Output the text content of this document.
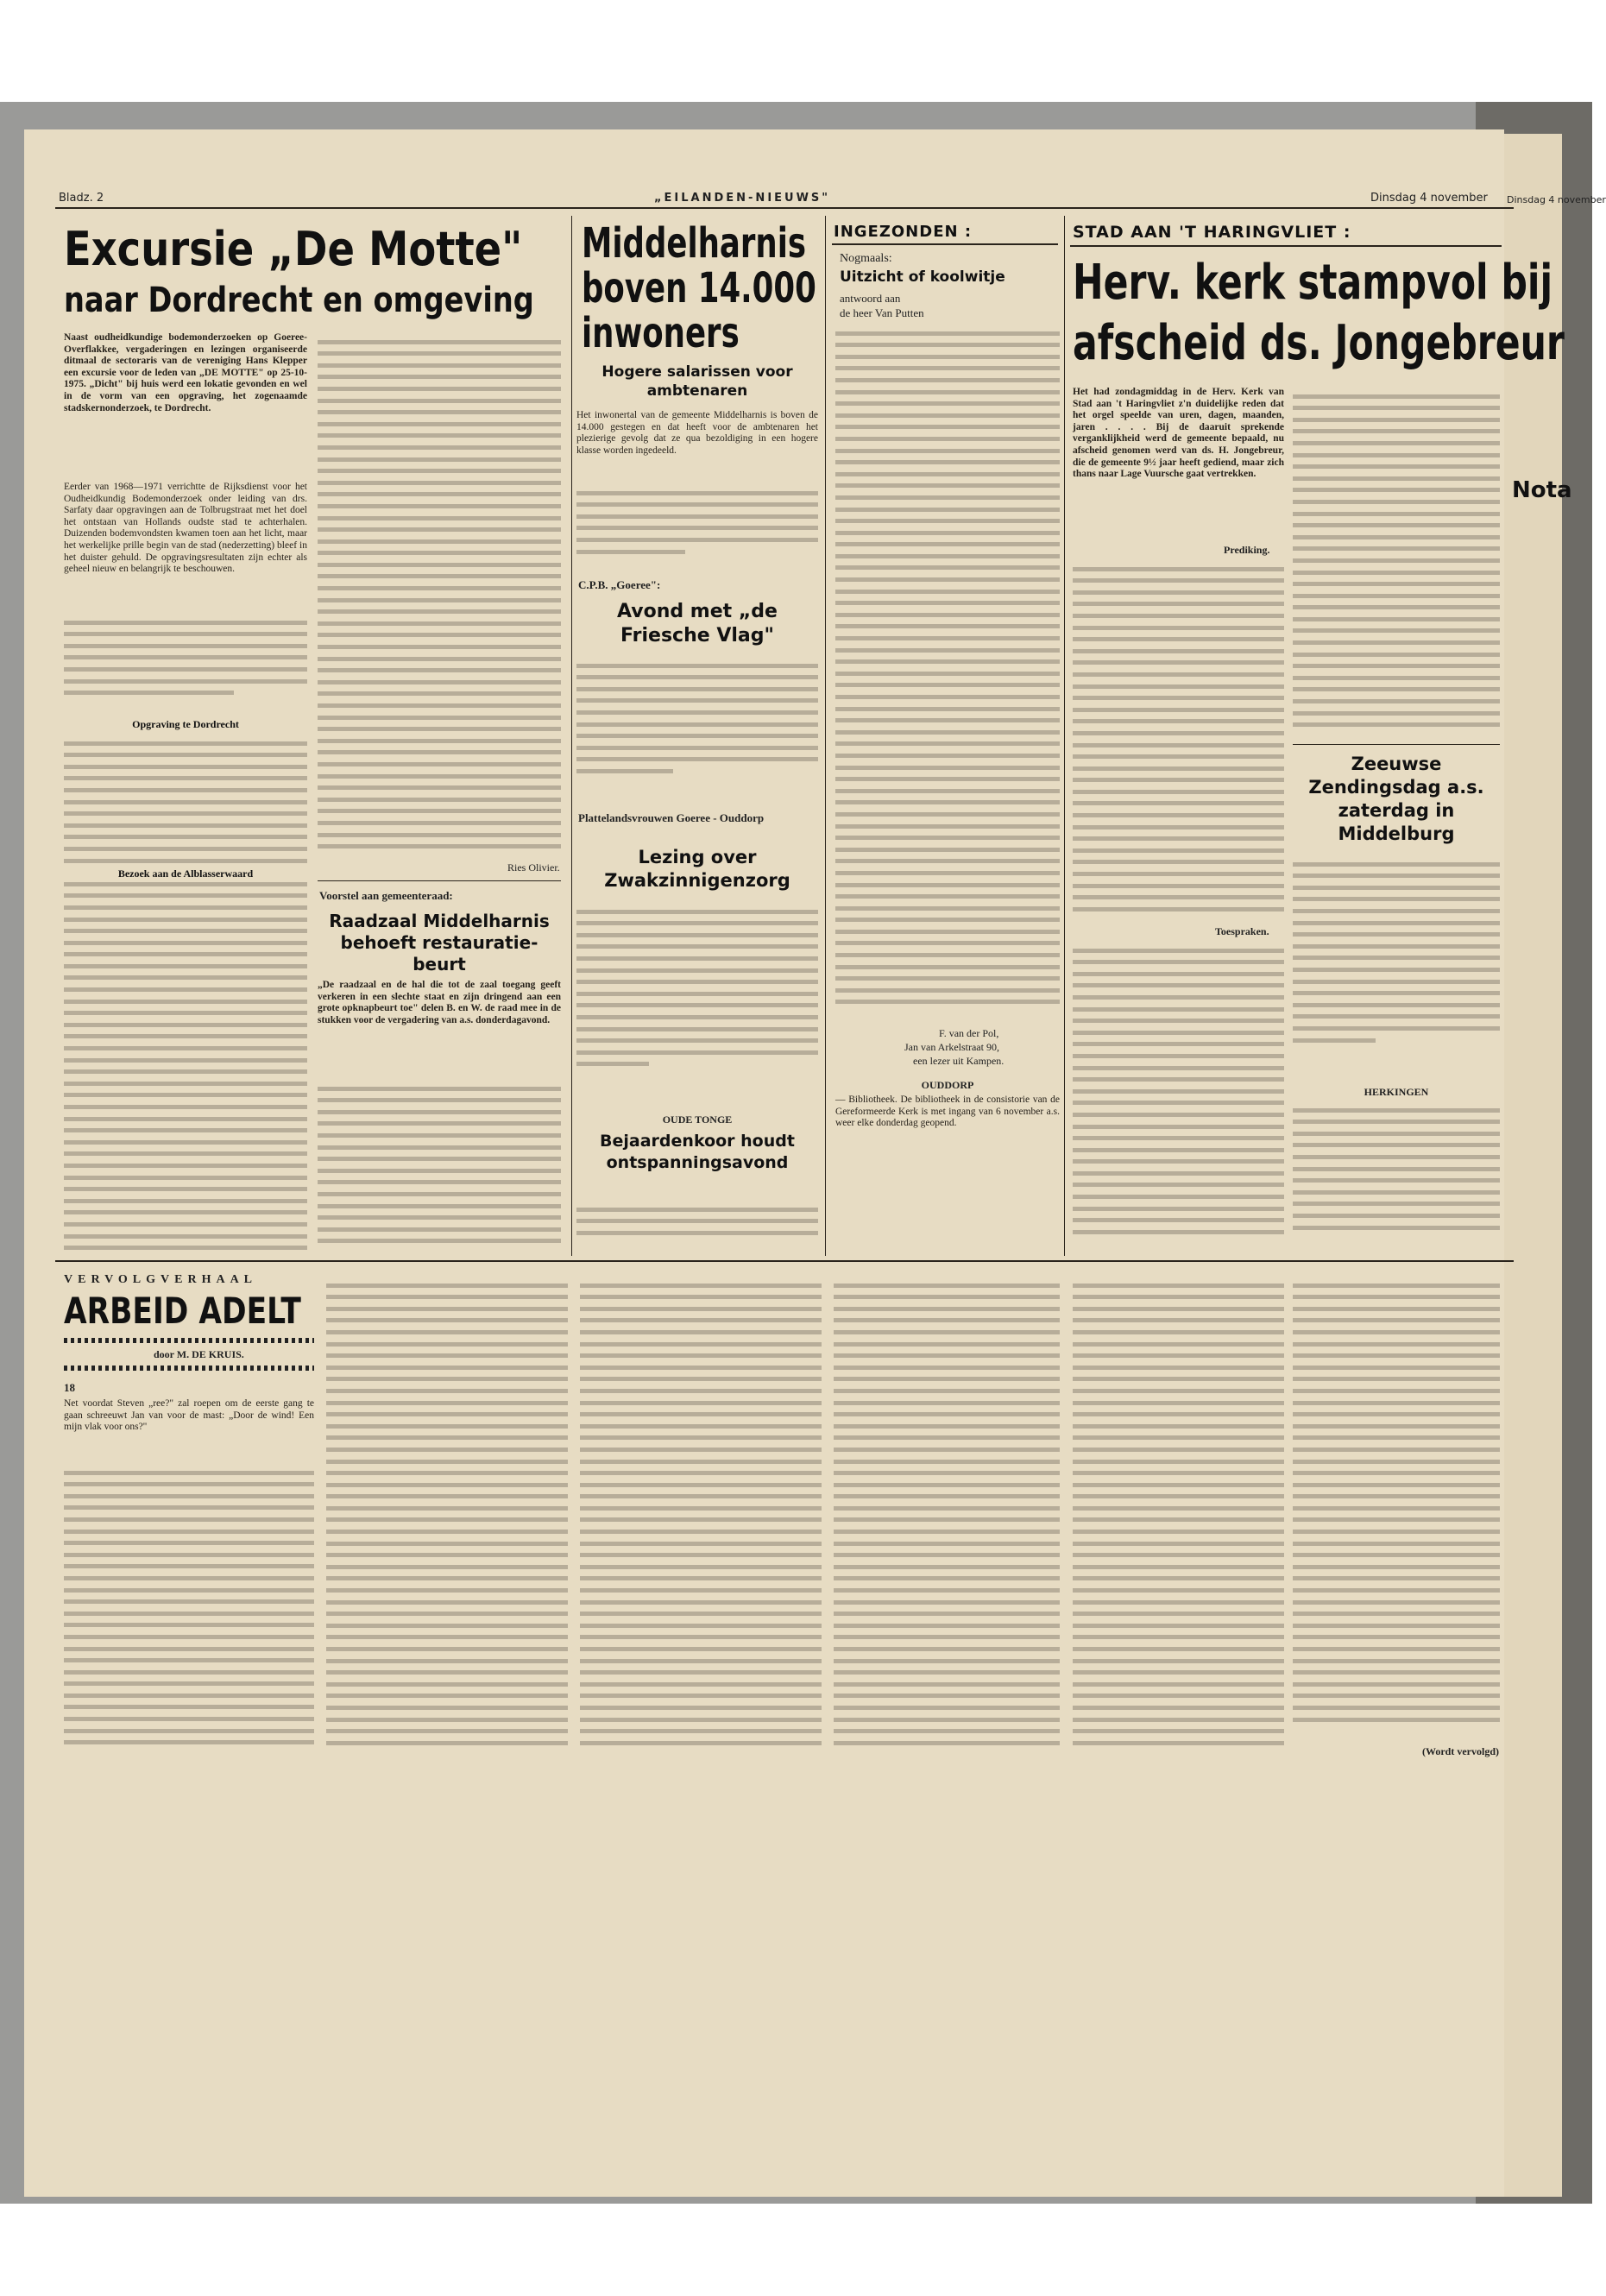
Dinsdag 4 november
Nota
Bladz. 2	„EILANDEN-NIEUWS"	Dinsdag 4 november
Excursie „De Motte"
naar Dordrecht en omgeving
Naast oudheidkundige bodemonderzoeken op Goeree-Overflakkee, vergaderingen en lezingen organiseerde ditmaal de sectoraris van de vereniging Hans Klepper een excursie voor de leden van „DE MOTTE" op 25-10-1975. „Dicht" bij huis werd een lokatie gevonden en wel in de vorm van een opgraving, het zogenaamde stadskernonderzoek, te Dordrecht.
Eerder van 1968—1971 verrichtte de Rijksdienst voor het Oudheidkundig Bodemonderzoek onder leiding van drs. Sarfaty daar opgravingen aan de Tolbrugstraat met het doel het ontstaan van Hollands oudste stad te achterhalen. Duizenden bodemvondsten kwamen toen aan het licht, maar het werkelijke prille begin van de stad (nederzetting) bleef in het duister gehuld. De opgravingsresultaten zijn echter als geheel nieuw en belangrijk te beschouwen.
Opgraving te Dordrecht
Bezoek aan de Alblasserwaard	Ries Olivier.
Voorstel aan gemeenteraad:
Raadzaal Middelharnis behoeft restauratie-beurt
„De raadzaal en de hal die tot de zaal toegang geeft verkeren in een slechte staat en zijn dringend aan een grote opknapbeurt toe" delen B. en W. de raad mee in de stukken voor de vergadering van a.s. donderdagavond.
Middelharnis
boven 14.000
inwoners
Hogere salarissen voor ambtenaren
Het inwonertal van de gemeente Middelharnis is boven de 14.000 gestegen en dat heeft voor de ambtenaren het plezierige gevolg dat ze qua bezoldiging in een hogere klasse worden ingedeeld.
C.P.B. „Goeree":
Avond met „de Friesche Vlag"
Plattelandsvrouwen Goeree - Ouddorp
Lezing over Zwakzinnigenzorg
OUDE TONGE
Bejaardenkoor houdt ontspanningsavond
INGEZONDEN :
Nogmaals:
Uitzicht of koolwitje
antwoord aan
de heer Van Putten
F. van der Pol,
Jan van Arkelstraat 90,
een lezer uit Kampen.
OUDDORP
— Bibliotheek. De bibliotheek in de consistorie van de Gereformeerde Kerk is met ingang van 6 november a.s. weer elke donderdag geopend.
STAD AAN 'T HARINGVLIET :
Herv. kerk stampvol bij
afscheid ds. Jongebreur
Het had zondagmiddag in de Herv. Kerk van Stad aan 't Haringvliet z'n duidelijke reden dat het orgel speelde van uren, dagen, maanden, jaren . . . . Bij de daaruit sprekende verganklijkheid werd de gemeente bepaald, nu afscheid genomen werd van ds. H. Jongebreur, die de gemeente 9½ jaar heeft gediend, maar zich thans naar Lage Vuursche gaat vertrekken.
Prediking.
Toespraken.
Zeeuwse Zendingsdag a.s. zaterdag in Middelburg
HERKINGEN
VERVOLGVERHAAL
ARBEID ADELT
door M. DE KRUIS.
18
Net voordat Steven „ree?" zal roepen om de eerste gang te gaan schreeuwt Jan van voor de mast: „Door de wind! Een mijn vlak voor ons?"
(Wordt vervolgd)
